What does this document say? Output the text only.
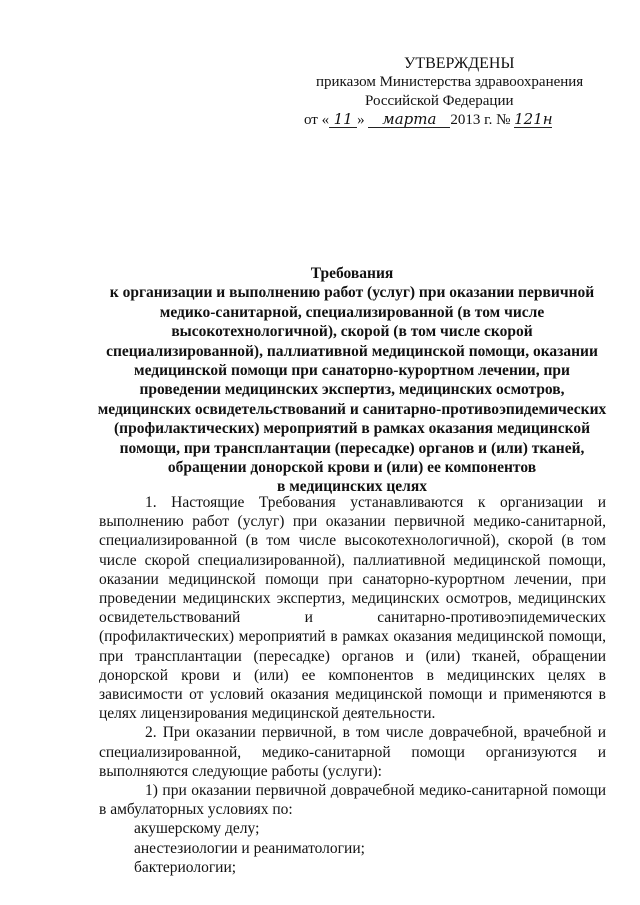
УТВЕРЖДЕНЫ
приказом Министерства здравоохранения
Российской Федерации
от « 11 » марта 2013 г. № 121н
Требования
к организации и выполнению работ (услуг) при оказании первичной
медико-санитарной, специализированной (в том числе
высокотехнологичной), скорой (в том числе скорой
специализированной), паллиативной медицинской помощи, оказании
медицинской помощи при санаторно-курортном лечении, при
проведении медицинских экспертиз, медицинских осмотров,
медицинских освидетельствований и санитарно-противоэпидемических
(профилактических) мероприятий в рамках оказания медицинской
помощи, при трансплантации (пересадке) органов и (или) тканей,
обращении донорской крови и (или) ее компонентов
в медицинских целях

1. Настоящие Требования устанавливаются к организации и выполнению работ (услуг) при оказании первичной медико-санитарной, специализированной (в том числе высокотехнологичной), скорой (в том числе скорой специализированной), паллиативной медицинской помощи, оказании медицинской помощи при санаторно-курортном лечении, при проведении медицинских экспертиз, медицинских осмотров, медицинских освидетельствований и санитарно-противоэпидемических (профилактических) мероприятий в рамках оказания медицинской помощи, при трансплантации (пересадке) органов и (или) тканей, обращении донорской крови и (или) ее компонентов в медицинских целях в зависимости от условий оказания медицинской помощи и применяются в целях лицензирования медицинской деятельности.

2. При оказании первичной, в том числе доврачебной, врачебной и специализированной, медико-санитарной помощи организуются и выполняются следующие работы (услуги):

1) при оказании первичной доврачебной медико-санитарной помощи в амбулаторных условиях по:

акушерскому делу;

анестезиологии и реаниматологии;

бактериологии;
